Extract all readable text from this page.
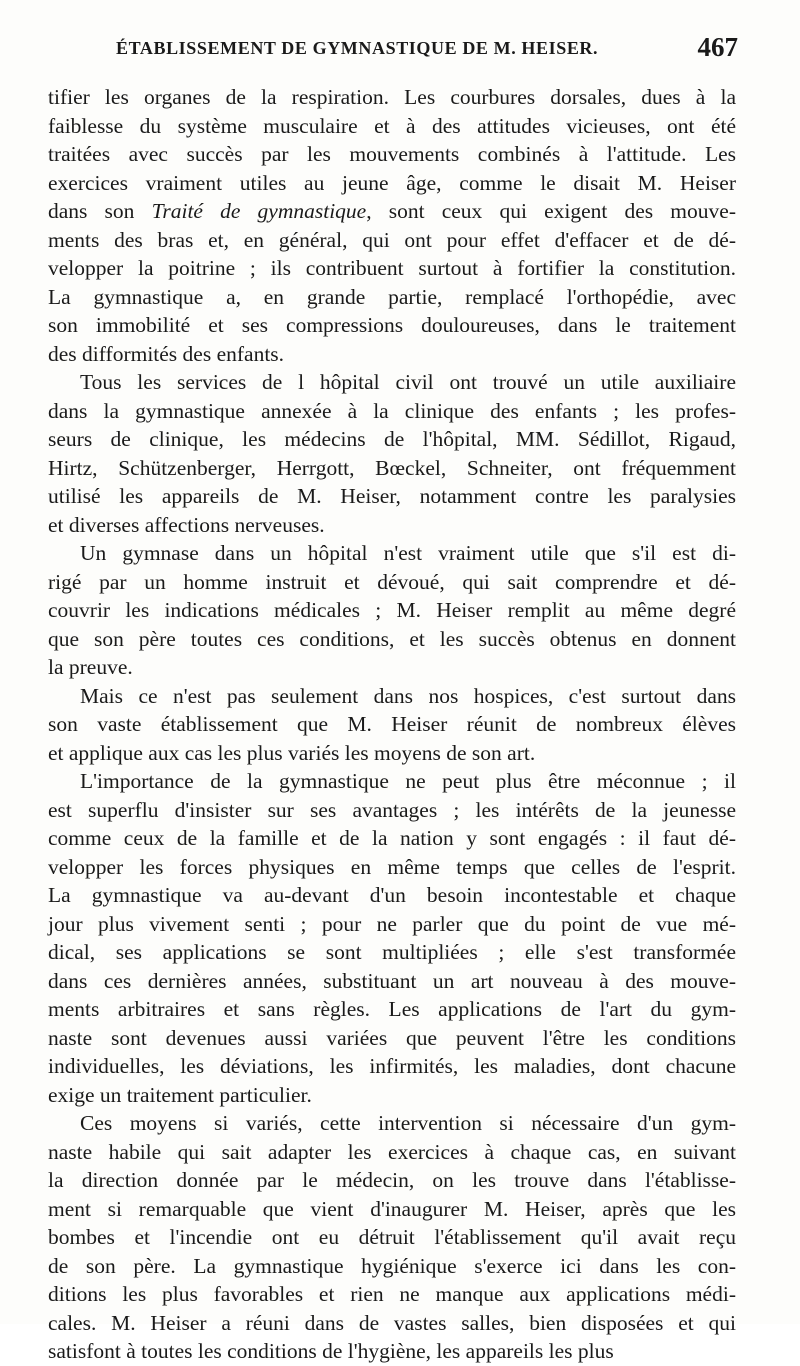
ÉTABLISSEMENT DE GYMNASTIQUE DE M. HEISER.	467
tifier les organes de la respiration. Les courbures dorsales, dues à la
faiblesse du système musculaire et à des attitudes vicieuses, ont été
traitées avec succès par les mouvements combinés à l'attitude. Les
exercices vraiment utiles au jeune âge, comme le disait M. Heiser
dans son Traité de gymnastique, sont ceux qui exigent des mouve-
ments des bras et, en général, qui ont pour effet d'effacer et de dé-
velopper la poitrine ; ils contribuent surtout à fortifier la constitution.
La gymnastique a, en grande partie, remplacé l'orthopédie, avec
son immobilité et ses compressions douloureuses, dans le traitement
des difformités des enfants.
Tous les services de l hôpital civil ont trouvé un utile auxiliaire
dans la gymnastique annexée à la clinique des enfants ; les profes-
seurs de clinique, les médecins de l'hôpital, MM. Sédillot, Rigaud,
Hirtz, Schützenberger, Herrgott, Bœckel, Schneiter, ont fréquemment
utilisé les appareils de M. Heiser, notamment contre les paralysies
et diverses affections nerveuses.
Un gymnase dans un hôpital n'est vraiment utile que s'il est di-
rigé par un homme instruit et dévoué, qui sait comprendre et dé-
couvrir les indications médicales ; M. Heiser remplit au même degré
que son père toutes ces conditions, et les succès obtenus en donnent
la preuve.
Mais ce n'est pas seulement dans nos hospices, c'est surtout dans
son vaste établissement que M. Heiser réunit de nombreux élèves
et applique aux cas les plus variés les moyens de son art.
L'importance de la gymnastique ne peut plus être méconnue ; il
est superflu d'insister sur ses avantages ; les intérêts de la jeunesse
comme ceux de la famille et de la nation y sont engagés : il faut dé-
velopper les forces physiques en même temps que celles de l'esprit.
La gymnastique va au-devant d'un besoin incontestable et chaque
jour plus vivement senti ; pour ne parler que du point de vue mé-
dical, ses applications se sont multipliées ; elle s'est transformée
dans ces dernières années, substituant un art nouveau à des mouve-
ments arbitraires et sans règles. Les applications de l'art du gym-
naste sont devenues aussi variées que peuvent l'être les conditions
individuelles, les déviations, les infirmités, les maladies, dont chacune
exige un traitement particulier.
Ces moyens si variés, cette intervention si nécessaire d'un gym-
naste habile qui sait adapter les exercices à chaque cas, en suivant
la direction donnée par le médecin, on les trouve dans l'établisse-
ment si remarquable que vient d'inaugurer M. Heiser, après que les
bombes et l'incendie ont eu détruit l'établissement qu'il avait reçu
de son père. La gymnastique hygiénique s'exerce ici dans les con-
ditions les plus favorables et rien ne manque aux applications médi-
cales. M. Heiser a réuni dans de vastes salles, bien disposées et qui
satisfont à toutes les conditions de l'hygiène, les appareils les plus
